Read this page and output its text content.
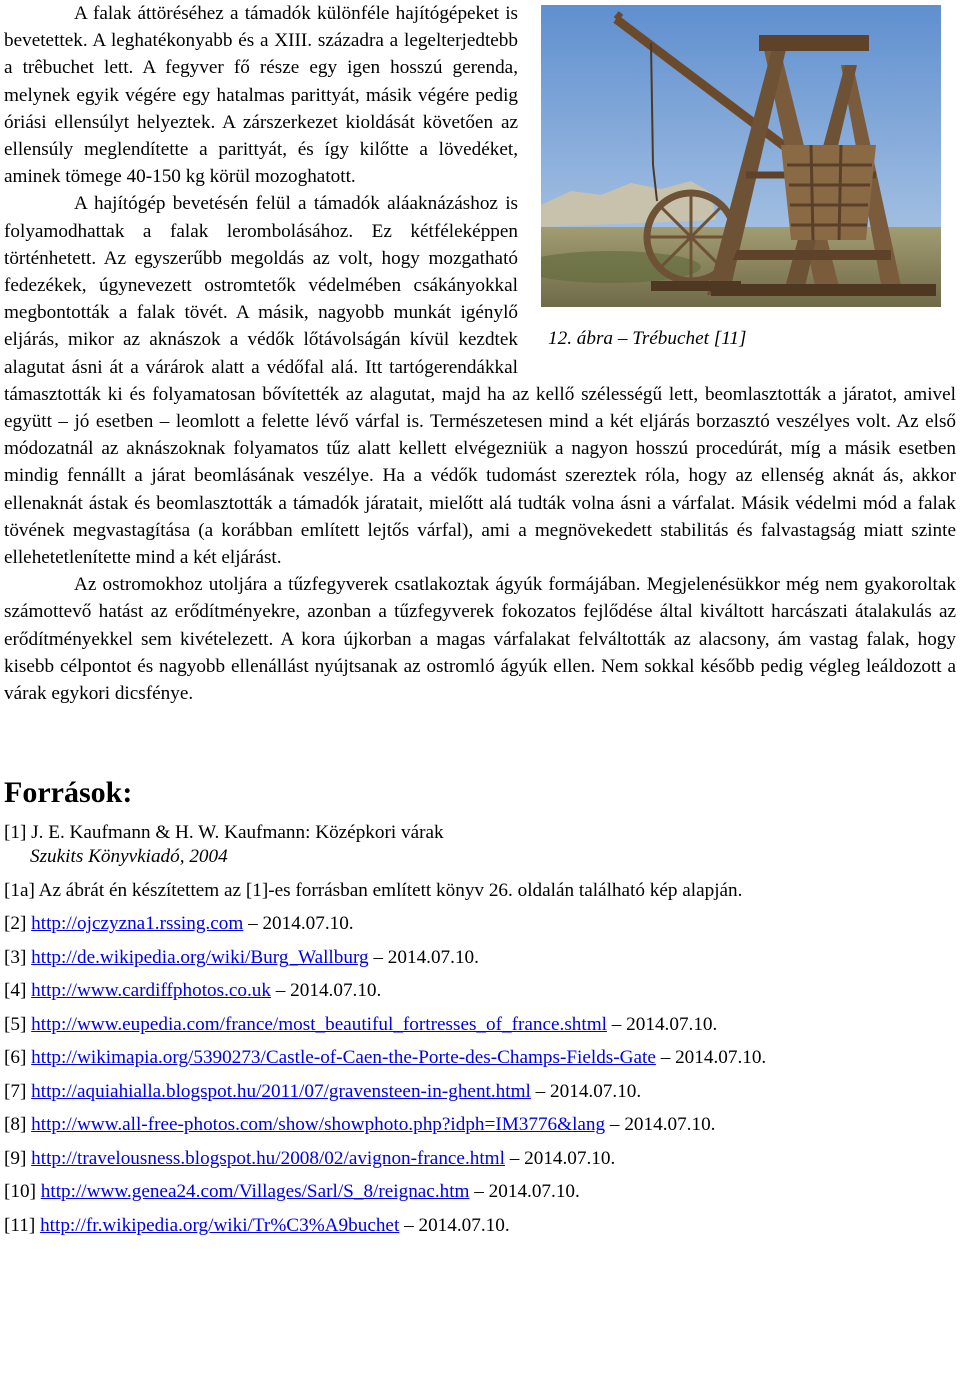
12. ábra – Trébuchet [11]

A falak áttöréséhez a támadók különféle hajítógépeket is bevetettek. A leghatékonyabb és a XIII. századra a legelterjedtebb a trêbuchet lett. A fegyver fő része egy igen hosszú gerenda, melynek egyik végére egy hatalmas parittyát, másik végére pedig óriási ellensúlyt helyeztek. A zárszerkezet kioldását követően az ellensúly meglendítette a parittyát, és így kilőtte a lövedéket, aminek tömege 40-150 kg körül mozoghatott.

A hajítógép bevetésén felül a támadók aláaknázáshoz is folyamodhattak a falak lerombolásához. Ez kétféleképpen történhetett. Az egyszerűbb megoldás az volt, hogy mozgatható fedezékek, úgynevezett ostromtetők védelmében csákányokkal megbontották a falak tövét. A másik, nagyobb munkát igénylő eljárás, mikor az aknászok a védők lőtávolságán kívül kezdtek alagutat ásni át a várárok alatt a védőfal alá. Itt tartógerendákkal támasztották ki és folyamatosan bővítették az alagutat, majd ha az kellő szélességű lett, beomlasztották a járatot, amivel együtt – jó esetben – leomlott a felette lévő várfal is. Természetesen mind a két eljárás borzasztó veszélyes volt. Az első módozatnál az aknászoknak folyamatos tűz alatt kellett elvégezniük a nagyon hosszú procedúrát, míg a másik esetben mindig fennállt a járat beomlásának veszélye. Ha a védők tudomást szereztek róla, hogy az ellenség aknát ás, akkor ellenaknát ástak és beomlasztották a támadók járatait, mielőtt alá tudták volna ásni a várfalat. Másik védelmi mód a falak tövének megvastagítása (a korábban említett lejtős várfal), ami a megnövekedett stabilitás és falvastagság miatt szinte ellehetetlenítette mind a két eljárást.

Az ostromokhoz utoljára a tűzfegyverek csatlakoztak ágyúk formájában. Megjelenésükkor még nem gyakoroltak számottevő hatást az erődítményekre, azonban a tűzfegyverek fokozatos fejlődése által kiváltott harcászati átalakulás az erődítményekkel sem kivételezett. A kora újkorban a magas várfalakat felváltották az alacsony, ám vastag falak, hogy kisebb célpontot és nagyobb ellenállást nyújtsanak az ostromló ágyúk ellen. Nem sokkal később pedig végleg leáldozott a várak egykori dicsfénye.

Források:
[1] J. E. Kaufmann & H. W. Kaufmann: Középkori várak
Szukits Könyvkiadó, 2004
[1a] Az ábrát én készítettem az [1]-es forrásban említett könyv 26. oldalán található kép alapján.
[2] http://ojczyzna1.rssing.com – 2014.07.10.
[3] http://de.wikipedia.org/wiki/Burg_Wallburg – 2014.07.10.
[4] http://www.cardiffphotos.co.uk – 2014.07.10.
[5] http://www.eupedia.com/france/most_beautiful_fortresses_of_france.shtml – 2014.07.10.
[6] http://wikimapia.org/5390273/Castle-of-Caen-the-Porte-des-Champs-Fields-Gate – 2014.07.10.
[7] http://aquiahialla.blogspot.hu/2011/07/gravensteen-in-ghent.html – 2014.07.10.
[8] http://www.all-free-photos.com/show/showphoto.php?idph=IM3776&lang – 2014.07.10.
[9] http://travelousness.blogspot.hu/2008/02/avignon-france.html – 2014.07.10.
[10] http://www.genea24.com/Villages/Sarl/S_8/reignac.htm – 2014.07.10.
[11] http://fr.wikipedia.org/wiki/Tr%C3%A9buchet – 2014.07.10.
